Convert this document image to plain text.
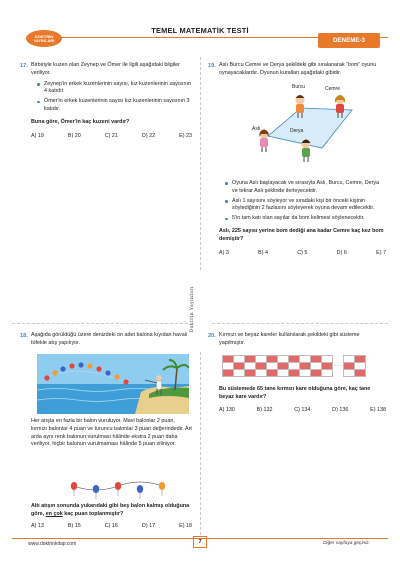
DOKTRİN YAYINLARI
TEMEL MATEMATİK TESTİ
DENEME-3
Doktrin Yayınları
17. Birbiriyle kuzen olan Zeynep ve Ömer ile ilgili aşağıdaki bilgiler veriliyor.
Zeynep'in erkek kuzenlerinin sayısı, kız kuzenlerinin sayısının 4 katıdır.
Ömer'in erkek kuzenlerinin sayısı kız kuzenlerinin sayısının 3 katıdır.
Buna göre, Ömer'in kaç kuzeni vardır?
A) 19	B) 20	C) 21	D) 22	E) 23
19. Aslı Burcu Cemre ve Derya şekildeki gibi sıralanarak “bom” oyunu oynayacaklardır. Oyunun kuralları aşağıdaki gibidir.
Burcu	Cemre
Aslı	Derya
Oyuna Aslı başlayacak ve sırasıyla Aslı, Burcu, Cemre, Derya ve tekrar Aslı şeklinde ilerleyecektir.
Aslı 1 sayısını söyleyor ve sıradaki kişi bir önceki kişinin söylediğinin 2 fazlasını söyleyerek oyuna devam edilecektir.
5'in tam katı olan sayılar da bom kelimesi söylenecektir.
Aslı, 225 sayısı yerine bom dediği ana kadar Cemre kaç kez bom demiştir?
A) 3	B) 4	C) 5	D) 6	E) 7
18. Aşağıda görüldüğü üzere denizdeki on adet balona kıyıdan havalı tüfekle atış yapılıyor.
Her atışta en fazla bir balon vuruluyor. Mavi balonlar 2 puan, kırmızı balonlar 4 puan ve turuncu balonlar 3 puan değerindedir. Art arda aynı renk balonun vurulması hâlinde ekstra 2 puan daha veriliyor, hiçbir balonun vurulmaması hâlinde 5 puan siliniyor.
Altı atışın sonunda yukarıdaki gibi beş balon kalmış olduğuna göre, en çok kaç puan toplanmıştır?
A) 13	B) 15	C) 16	D) 17	E) 18
20. Kırmızı ve beyaz kareler kullanılarak şekildeki gibi süsleme yapılmıştır.

										· · ·		

Bu süslemede 65 tane kırmızı kare olduğuna göre, kaç tane beyaz kare vardır?
A) 130	B) 132	C) 134	D) 136	E) 138
www.doktrinkitap.com	7	Diğer sayfaya geçiniz.
